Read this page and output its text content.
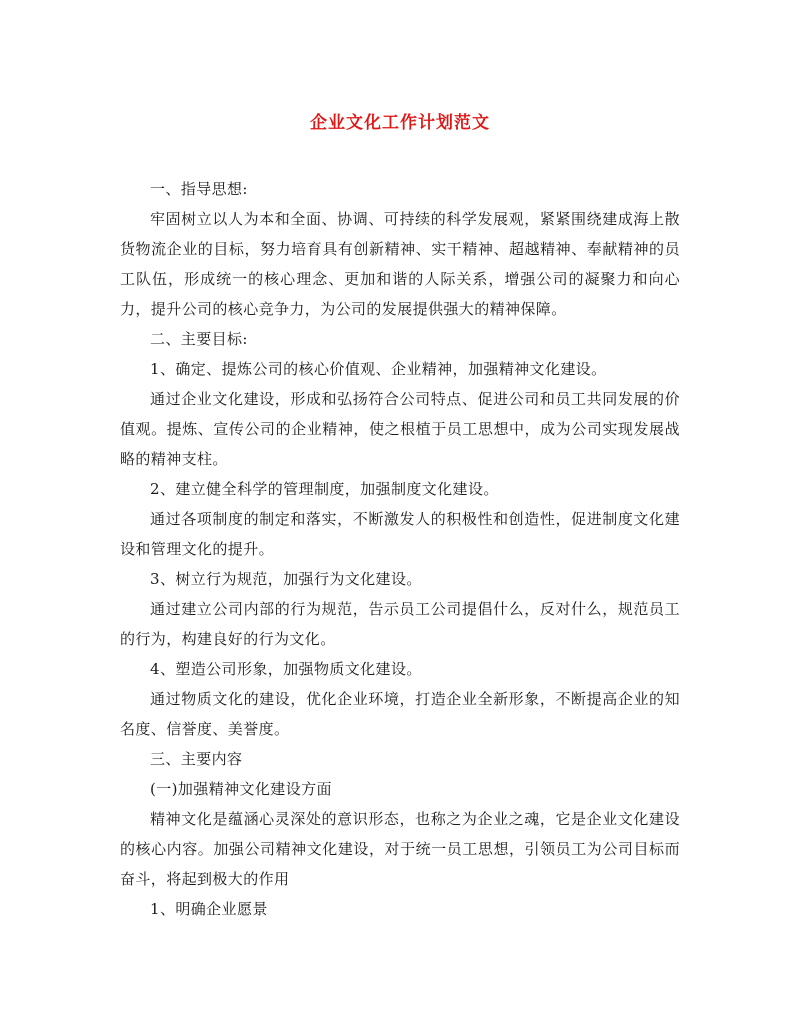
企业文化工作计划范文

一、指导思想:

牢固树立以人为本和全面、协调、可持续的科学发展观，紧紧围绕建成海上散货物流企业的目标，努力培育具有创新精神、实干精神、超越精神、奉献精神的员工队伍，形成统一的核心理念、更加和谐的人际关系，增强公司的凝聚力和向心力，提升公司的核心竞争力，为公司的发展提供强大的精神保障。

二、主要目标:

1、确定、提炼公司的核心价值观、企业精神，加强精神文化建设。

通过企业文化建设，形成和弘扬符合公司特点、促进公司和员工共同发展的价值观。提炼、宣传公司的企业精神，使之根植于员工思想中，成为公司实现发展战略的精神支柱。

2、建立健全科学的管理制度，加强制度文化建设。

通过各项制度的制定和落实，不断激发人的积极性和创造性，促进制度文化建设和管理文化的提升。

3、树立行为规范，加强行为文化建设。

通过建立公司内部的行为规范，告示员工公司提倡什么，反对什么，规范员工的行为，构建良好的行为文化。

4、塑造公司形象，加强物质文化建设。

通过物质文化的建设，优化企业环境，打造企业全新形象，不断提高企业的知名度、信誉度、美誉度。

三、主要内容

(一)加强精神文化建设方面

精神文化是蕴涵心灵深处的意识形态，也称之为企业之魂，它是企业文化建设的核心内容。加强公司精神文化建设，对于统一员工思想，引领员工为公司目标而奋斗，将起到极大的作用

1、明确企业愿景
